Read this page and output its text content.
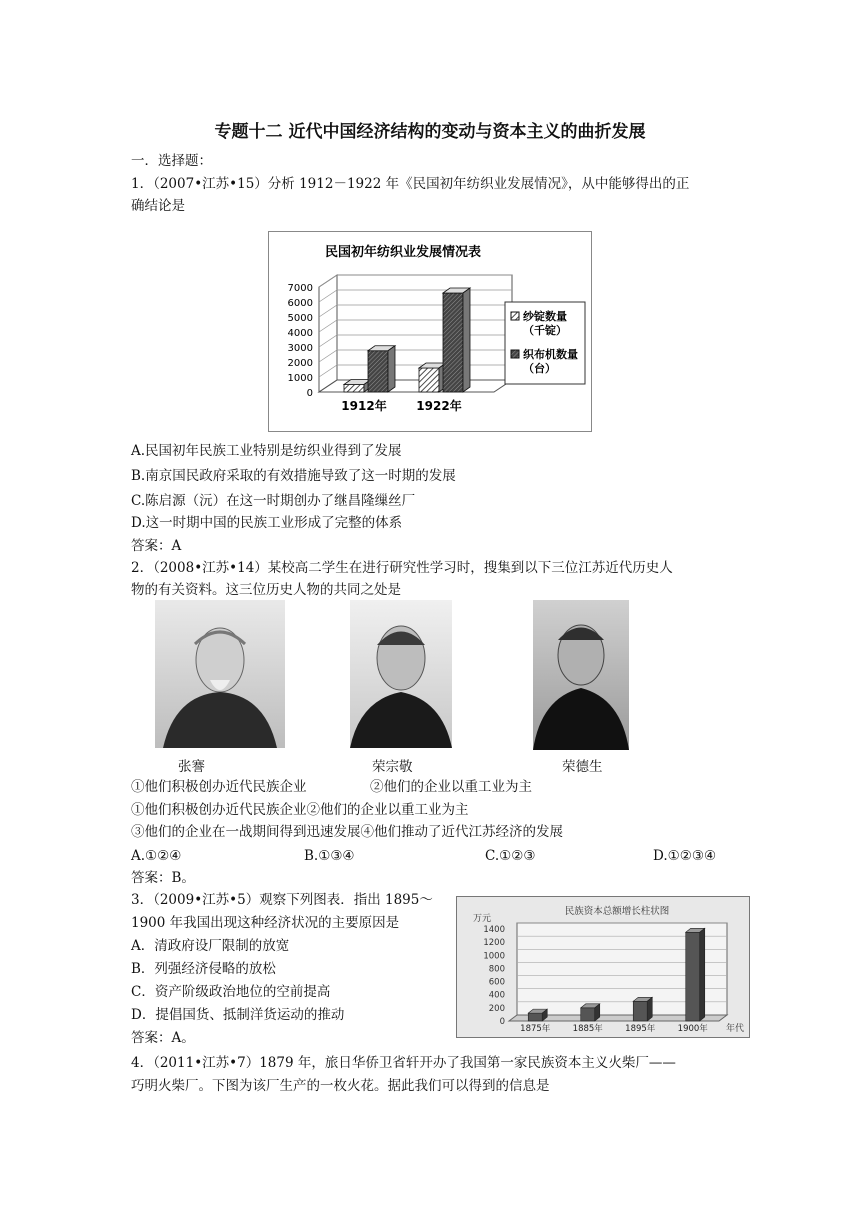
专题十二 近代中国经济结构的变动与资本主义的曲折发展
一．选择题：
1．（2007•江苏•15）分析 1912－1922 年《民国初年纺织业发展情况》，从中能够得出的正
确结论是
民国初年纺织业发展情况表
0
1000
2000
3000
4000
5000
6000
7000
1912年 1922年
纱锭数量
（千锭）
织布机数量
（台）
A.民国初年民族工业特别是纺织业得到了发展
B.南京国民政府采取的有效措施导致了这一时期的发展
C.陈启源（沅）在这一时期创办了继昌隆缫丝厂
D.这一时期中国的民族工业形成了完整的体系
答案：A
2．（2008•江苏•14）某校高二学生在进行研究性学习时，搜集到以下三位江苏近代历史人
物的有关资料。这三位历史人物的共同之处是
张謇	荣宗敬	荣德生
①他们积极创办近代民族企业	②他们的企业以重工业为主
①他们积极创办近代民族企业②他们的企业以重工业为主
③他们的企业在一战期间得到迅速发展④他们推动了近代江苏经济的发展
A.①②④	B.①③④	C.①②③	D.①②③④
答案：B。
3．（2009•江苏•5）观察下列图表．指出 1895～
1900 年我国出现这种经济状况的主要原因是
A．清政府设厂限制的放宽
B．列强经济侵略的放松
C．资产阶级政治地位的空前提高
D．提倡国货、抵制洋货运动的推动
答案：A。
民族资本总额增长柱状图
万元
0
200
400
600
800
1000
1200
1400
1875年	1885年	1895年	1900年 年代
4．（2011•江苏•7）1879 年，旅日华侨卫省轩开办了我国第一家民族资本主义火柴厂——
巧明火柴厂。下图为该厂生产的一枚火花。据此我们可以得到的信息是
